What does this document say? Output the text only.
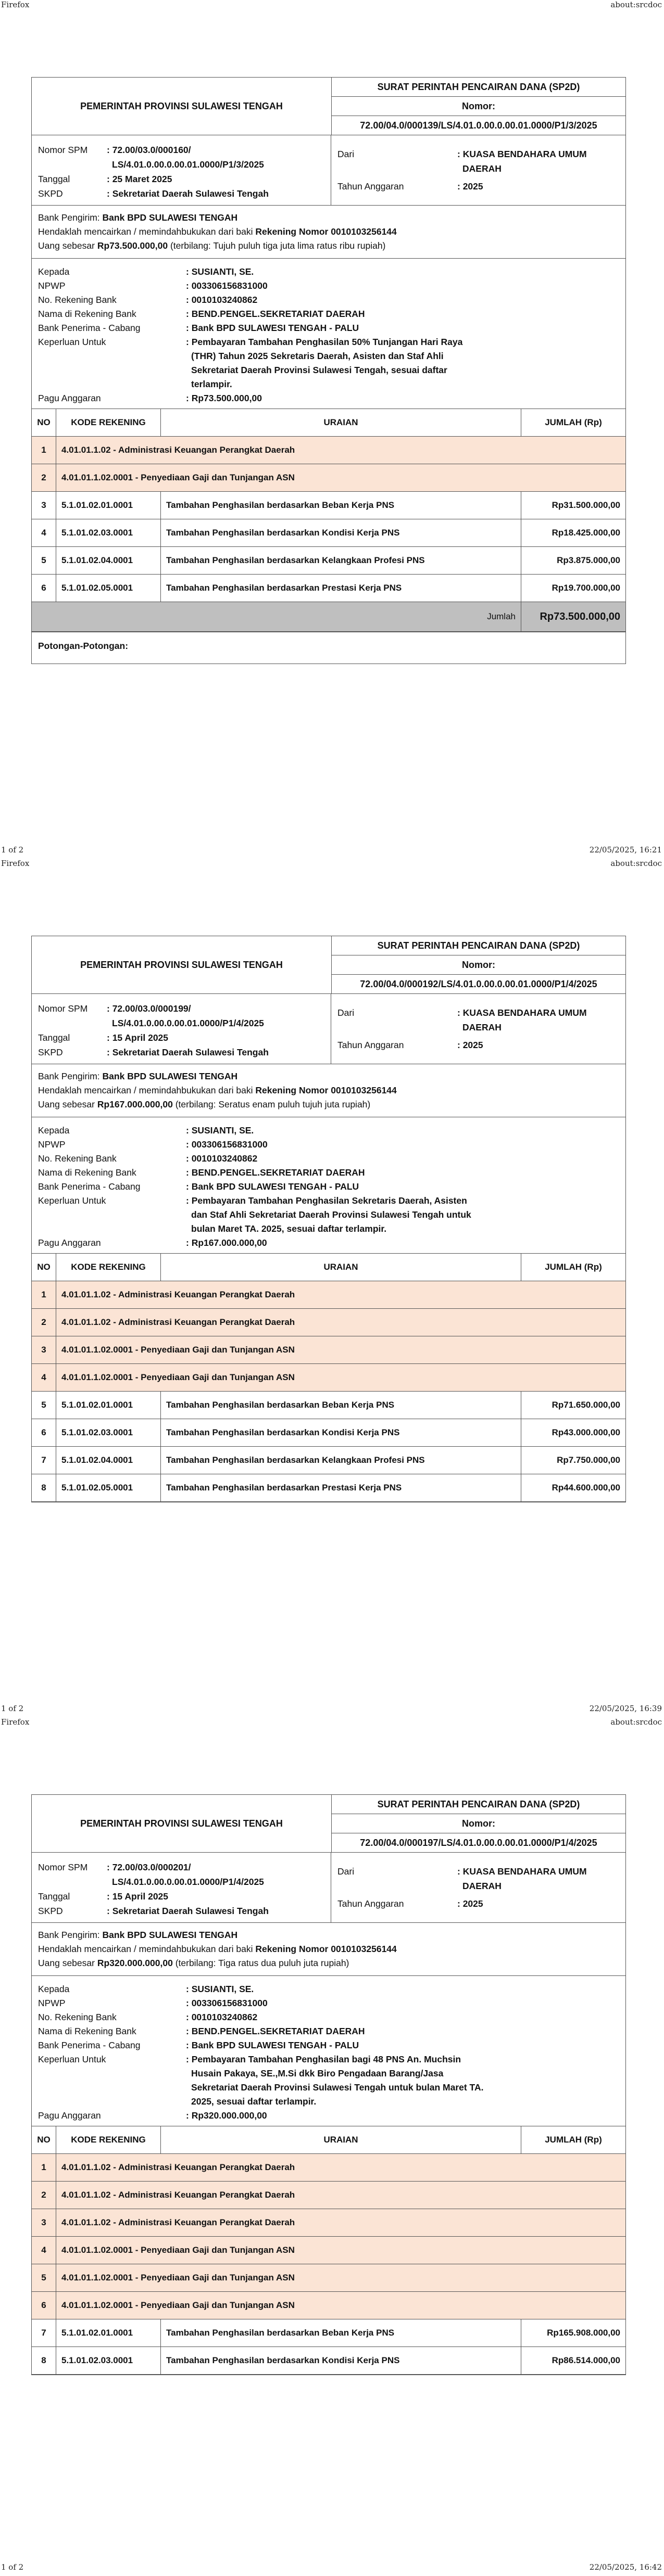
Firefox	about:srcdoc
1 of 2	22/05/2025, 16:21
PEMERINTAH PROVINSI SULAWESI TENGAH
SURAT PERINTAH PENCAIRAN DANA (SP2D)
Nomor:
72.00/04.0/000139/LS/4.01.0.00.0.00.01.0000/P1/3/2025
Nomor SPM	: 72.00/03.0/000160/
LS/4.01.0.00.0.00.01.0000/P1/3/2025
Tanggal	: 25 Maret 2025
SKPD	: Sekretariat Daerah Sulawesi Tengah
Dari	: KUASA BENDAHARA UMUM
DAERAH
Tahun Anggaran	: 2025
Bank Pengirim: Bank BPD SULAWESI TENGAH
Hendaklah mencairkan / memindahbukukan dari baki Rekening Nomor 0010103256144
Uang sebesar Rp73.500.000,00 (terbilang: Tujuh puluh tiga juta lima ratus ribu rupiah)
Kepada	: SUSIANTI, SE.
NPWP	: 003306156831000
No. Rekening Bank	: 0010103240862
Nama di Rekening Bank	: BEND.PENGEL.SEKRETARIAT DAERAH
Bank Penerima - Cabang	: Bank BPD SULAWESI TENGAH - PALU
Keperluan Untuk	: Pembayaran Tambahan Penghasilan 50% Tunjangan Hari Raya
(THR) Tahun 2025 Sekretaris Daerah, Asisten dan Staf Ahli
Sekretariat Daerah Provinsi Sulawesi Tengah, sesuai daftar
terlampir.
Pagu Anggaran	: Rp73.500.000,00
NO	KODE REKENING	URAIAN	JUMLAH (Rp)
1	4.01.01.1.02 - Administrasi Keuangan Perangkat Daerah		
2	4.01.01.1.02.0001 - Penyediaan Gaji dan Tunjangan ASN		
3	5.1.01.02.01.0001	Tambahan Penghasilan berdasarkan Beban Kerja PNS	Rp31.500.000,00
4	5.1.01.02.03.0001	Tambahan Penghasilan berdasarkan Kondisi Kerja PNS	Rp18.425.000,00
5	5.1.01.02.04.0001	Tambahan Penghasilan berdasarkan Kelangkaan Profesi PNS	Rp3.875.000,00
6	5.1.01.02.05.0001	Tambahan Penghasilan berdasarkan Prestasi Kerja PNS	Rp19.700.000,00
Jumlah			Rp73.500.000,00
Potongan-Potongan:
Firefox	about:srcdoc
1 of 2	22/05/2025, 16:39
PEMERINTAH PROVINSI SULAWESI TENGAH
SURAT PERINTAH PENCAIRAN DANA (SP2D)
Nomor:
72.00/04.0/000192/LS/4.01.0.00.0.00.01.0000/P1/4/2025
Nomor SPM	: 72.00/03.0/000199/
LS/4.01.0.00.0.00.01.0000/P1/4/2025
Tanggal	: 15 April 2025
SKPD	: Sekretariat Daerah Sulawesi Tengah
Dari	: KUASA BENDAHARA UMUM
DAERAH
Tahun Anggaran	: 2025
Bank Pengirim: Bank BPD SULAWESI TENGAH
Hendaklah mencairkan / memindahbukukan dari baki Rekening Nomor 0010103256144
Uang sebesar Rp167.000.000,00 (terbilang: Seratus enam puluh tujuh juta rupiah)
Kepada	: SUSIANTI, SE.
NPWP	: 003306156831000
No. Rekening Bank	: 0010103240862
Nama di Rekening Bank	: BEND.PENGEL.SEKRETARIAT DAERAH
Bank Penerima - Cabang	: Bank BPD SULAWESI TENGAH - PALU
Keperluan Untuk	: Pembayaran Tambahan Penghasilan Sekretaris Daerah, Asisten
dan Staf Ahli Sekretariat Daerah Provinsi Sulawesi Tengah untuk
bulan Maret TA. 2025, sesuai daftar terlampir.
Pagu Anggaran	: Rp167.000.000,00
NO	KODE REKENING	URAIAN	JUMLAH (Rp)
1	4.01.01.1.02 - Administrasi Keuangan Perangkat Daerah		
2	4.01.01.1.02 - Administrasi Keuangan Perangkat Daerah		
3	4.01.01.1.02.0001 - Penyediaan Gaji dan Tunjangan ASN		
4	4.01.01.1.02.0001 - Penyediaan Gaji dan Tunjangan ASN		
5	5.1.01.02.01.0001	Tambahan Penghasilan berdasarkan Beban Kerja PNS	Rp71.650.000,00
6	5.1.01.02.03.0001	Tambahan Penghasilan berdasarkan Kondisi Kerja PNS	Rp43.000.000,00
7	5.1.01.02.04.0001	Tambahan Penghasilan berdasarkan Kelangkaan Profesi PNS	Rp7.750.000,00
8	5.1.01.02.05.0001	Tambahan Penghasilan berdasarkan Prestasi Kerja PNS	Rp44.600.000,00
Firefox	about:srcdoc
1 of 2	22/05/2025, 16:42
PEMERINTAH PROVINSI SULAWESI TENGAH
SURAT PERINTAH PENCAIRAN DANA (SP2D)
Nomor:
72.00/04.0/000197/LS/4.01.0.00.0.00.01.0000/P1/4/2025
Nomor SPM	: 72.00/03.0/000201/
LS/4.01.0.00.0.00.01.0000/P1/4/2025
Tanggal	: 15 April 2025
SKPD	: Sekretariat Daerah Sulawesi Tengah
Dari	: KUASA BENDAHARA UMUM
DAERAH
Tahun Anggaran	: 2025
Bank Pengirim: Bank BPD SULAWESI TENGAH
Hendaklah mencairkan / memindahbukukan dari baki Rekening Nomor 0010103256144
Uang sebesar Rp320.000.000,00 (terbilang: Tiga ratus dua puluh juta rupiah)
Kepada	: SUSIANTI, SE.
NPWP	: 003306156831000
No. Rekening Bank	: 0010103240862
Nama di Rekening Bank	: BEND.PENGEL.SEKRETARIAT DAERAH
Bank Penerima - Cabang	: Bank BPD SULAWESI TENGAH - PALU
Keperluan Untuk	: Pembayaran Tambahan Penghasilan bagi 48 PNS An. Muchsin
Husain Pakaya, SE.,M.Si dkk Biro Pengadaan Barang/Jasa
Sekretariat Daerah Provinsi Sulawesi Tengah untuk bulan Maret TA.
2025, sesuai daftar terlampir.
Pagu Anggaran	: Rp320.000.000,00
NO	KODE REKENING	URAIAN	JUMLAH (Rp)
1	4.01.01.1.02 - Administrasi Keuangan Perangkat Daerah		
2	4.01.01.1.02 - Administrasi Keuangan Perangkat Daerah		
3	4.01.01.1.02 - Administrasi Keuangan Perangkat Daerah		
4	4.01.01.1.02.0001 - Penyediaan Gaji dan Tunjangan ASN		
5	4.01.01.1.02.0001 - Penyediaan Gaji dan Tunjangan ASN		
6	4.01.01.1.02.0001 - Penyediaan Gaji dan Tunjangan ASN		
7	5.1.01.02.01.0001	Tambahan Penghasilan berdasarkan Beban Kerja PNS	Rp165.908.000,00
8	5.1.01.02.03.0001	Tambahan Penghasilan berdasarkan Kondisi Kerja PNS	Rp86.514.000,00
